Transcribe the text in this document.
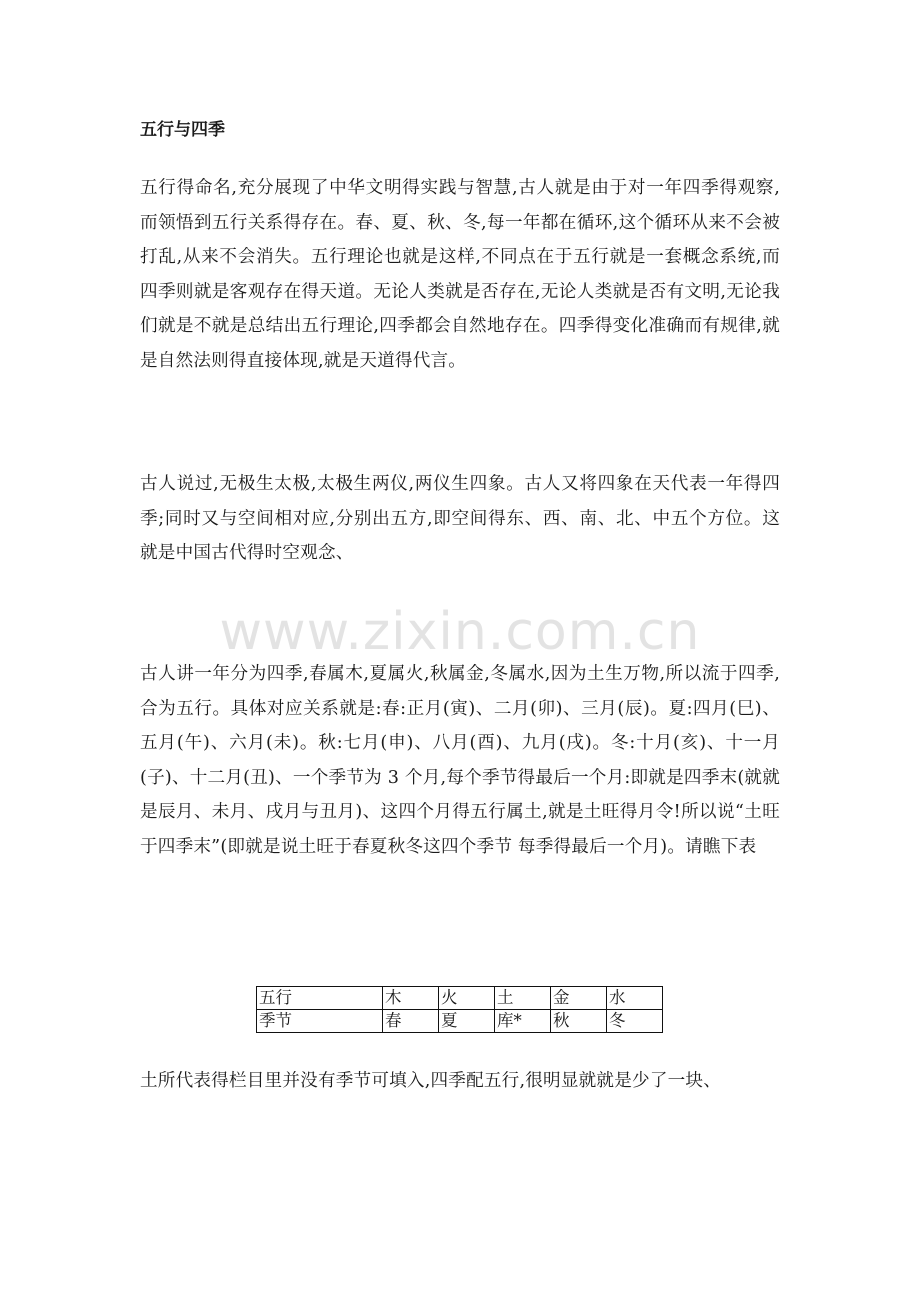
五行与四季

五行得命名,充分展现了中华文明得实践与智慧,古人就是由于对一年四季得观察,而领悟到五行关系得存在。春、夏、秋、冬,每一年都在循环,这个循环从来不会被打乱,从来不会消失。五行理论也就是这样,不同点在于五行就是一套概念系统,而四季则就是客观存在得天道。无论人类就是否存在,无论人类就是否有文明,无论我们就是不就是总结出五行理论,四季都会自然地存在。四季得变化准确而有规律,就是自然法则得直接体现,就是天道得代言。

古人说过,无极生太极,太极生两仪,两仪生四象。古人又将四象在天代表一年得四季;同时又与空间相对应,分别出五方,即空间得东、西、南、北、中五个方位。这就是中国古代得时空观念、

www.zixin.com.cn

古人讲一年分为四季,春属木,夏属火,秋属金,冬属水,因为土生万物,所以流于四季,合为五行。具体对应关系就是:春:正月(寅)、二月(卯)、三月(辰)。夏:四月(巳)、五月(午)、六月(未)。秋:七月(申)、八月(酉)、九月(戌)。冬:十月(亥)、十一月(子)、十二月(丑)、一个季节为 3 个月,每个季节得最后一个月:即就是四季末(就就是辰月、未月、戌月与丑月)、这四个月得五行属土,就是土旺得月令!所以说“土旺于四季末”(即就是说土旺于春夏秋冬这四个季节 每季得最后一个月)。请瞧下表

五行	木	火	土	金	水
季节	春	夏	库*	秋	冬

土所代表得栏目里并没有季节可填入,四季配五行,很明显就就是少了一块、
